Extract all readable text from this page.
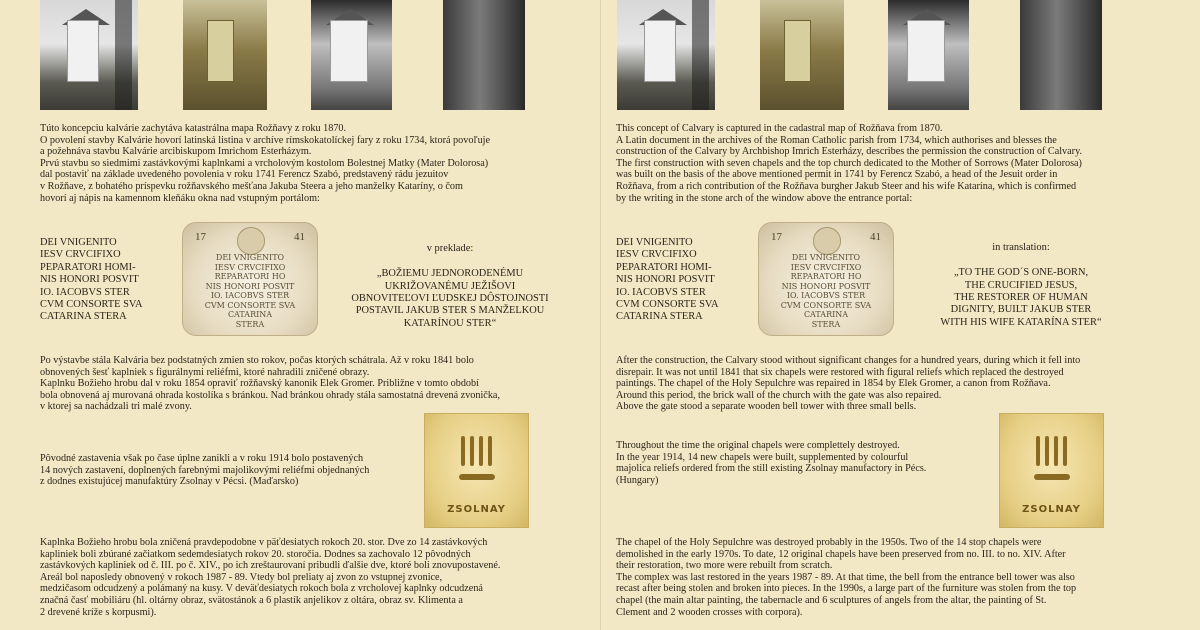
Túto koncepciu kalvárie zachytáva katastrálna mapa Rožňavy z roku 1870.
O povolení stavby Kalvárie hovorí latinská listina v archíve rímskokatolíckej fary z roku 1734, ktorá povoľuje
a požehnáva stavbu Kalvárie arcibiskupom Imrichom Esterházym.
Prvú stavbu so siedmimi zastávkovými kaplnkami a vrcholovým kostolom Bolestnej Matky (Mater Dolorosa)
dal postaviť na základe uvedeného povolenia v roku 1741 Ferencz Szabó, predstavený rádu jezuitov
v Rožňave, z bohatého príspevku rožňavského mešťana Jakuba Steera a jeho manželky Kataríny, o čom
hovorí aj nápis na kamennom kleňáku okna nad vstupným portálom:

DEI VNIGENITO
IESV CRVCIFIXO
PEPARATORI HOMI-
NIS HONORI POSVIT
IO. IACOBVS STER
CVM CONSORTE SVA
CATARINA STERA

17	41
DEI VNIGENITO
IESV CRVCIFIXO
REPARATORI HO
NIS HONORI POSVIT
IO. IACOBVS STER
CVM CONSORTE SVA
CATARINA
STERA

v preklade:

„BOŽIEMU JEDNORODENÉMU
UKRIŽOVANÉMU JEŽIŠOVI
OBNOVITEĽOVI ĽUDSKEJ DÔSTOJNOSTI
POSTAVIL JAKUB STER S MANŽELKOU
KATARÍNOU STER“

Po výstavbe stála Kalvária bez podstatných zmien sto rokov, počas ktorých schátrala. Až v roku 1841 bolo
obnovených šesť kaplniek s figurálnymi reliéfmi, ktoré nahradili zničené obrazy.
Kaplnku Božieho hrobu dal v roku 1854 opraviť rožňavský kanonik Elek Gromer. Približne v tomto období
bola obnovená aj murovaná ohrada kostolíka s bránkou. Nad bránkou ohrady stála samostatná drevená zvonička,
v ktorej sa nachádzali tri malé zvony.

Pôvodné zastavenia však po čase úplne zanikli a v roku 1914 bolo postavených
14 nových zastavení, doplnených farebnými majolikovými reliéfmi objednaných
z dodnes existujúcej manufaktúry Zsolnay v Pécsi. (Maďarsko)

ZSOLNAY

Kaplnka Božieho hrobu bola zničená pravdepodobne v päťdesiatych rokoch 20. stor. Dve zo 14 zastávkových
kapliniek boli zbúrané začiatkom sedemdesiatych rokov 20. storočia. Dodnes sa zachovalo 12 pôvodných
zastávkových kapliniek od č. III. po č. XIV., po ich zreštaurovaní pribudli ďalšie dve, ktoré boli znovupostavené.
Areál bol naposledy obnovený v rokoch 1987 - 89. Vtedy bol preliaty aj zvon zo vstupnej zvonice,
medzičasom odcudzený a polámaný na kusy. V deväťdesiatych rokoch bola z vrcholovej kaplnky odcudzená
značná časť mobiliáru (hl. oltárny obraz, svätostánok a 6 plastík anjelikov z oltára, obraz sv. Klimenta a
2 drevené kríže s korpusmi).

This concept of Calvary is captured in the cadastral map of Rožňava from 1870.
A Latin document in the archives of the Roman Catholic parish from 1734, which authorises and blesses the
construction of the Calvary by Archbishop Imrich Esterházy, describes the permission the construction of Calvary.
The first construction with seven chapels and the top church dedicated to the Mother of Sorrows (Mater Dolorosa)
was built on the basis of the above mentioned permit in 1741 by Ferencz Szabó, a head of the Jesuit order in
Rožňava, from a rich contribution of the Rožňava burgher Jakub Steer and his wife Katarína, which is confirmed
by the writing in the stone arch of the window above the entrance portal:

DEI VNIGENITO
IESV CRVCIFIXO
PEPARATORI HOMI-
NIS HONORI POSVIT
IO. IACOBVS STER
CVM CONSORTE SVA
CATARINA STERA

17	41
DEI VNIGENITO
IESV CRVCIFIXO
REPARATORI HO
NIS HONORI POSVIT
IO. IACOBVS STER
CVM CONSORTE SVA
CATARINA
STERA

in translation:

„TO THE GOD´S ONE-BORN,
THE CRUCIFIED JESUS,
THE RESTORER OF HUMAN
DIGNITY, BUILT JAKUB STER
WITH HIS WIFE KATARÍNA STER“

After the construction, the Calvary stood without significant changes for a hundred years, during which it fell into
disrepair. It was not until 1841 that six chapels were restored with figural reliefs which replaced the destroyed
paintings. The chapel of the Holy Sepulchre was repaired in 1854 by Elek Gromer, a canon from Rožňava.
Around this period, the brick wall of the church with the gate was also repaired.
Above the gate stood a separate wooden bell tower with three small bells.

Throughout the time the original chapels were complettely destroyed.
In the year 1914, 14 new chapels were built, supplemented by colourful
majolica reliefs ordered from the still existing Zsolnay manufactory in Pécs.
(Hungary)

ZSOLNAY

The chapel of the Holy Sepulchre was destroyed probably in the 1950s. Two of the 14 stop chapels were
demolished in the early 1970s. To date, 12 original chapels have been preserved from no. III. to no. XIV. After
their restoration, two more were rebuilt from scratch.
The complex was last restored in the years 1987 - 89. At that time, the bell from the entrance bell tower was also
recast after being stolen and broken into pieces. In the 1990s, a large part of the furniture was stolen from the top
chapel (the main altar painting, the tabernacle and 6 sculptures of angels from the altar, the painting of St.
Clement and 2 wooden crosses with corpora).
